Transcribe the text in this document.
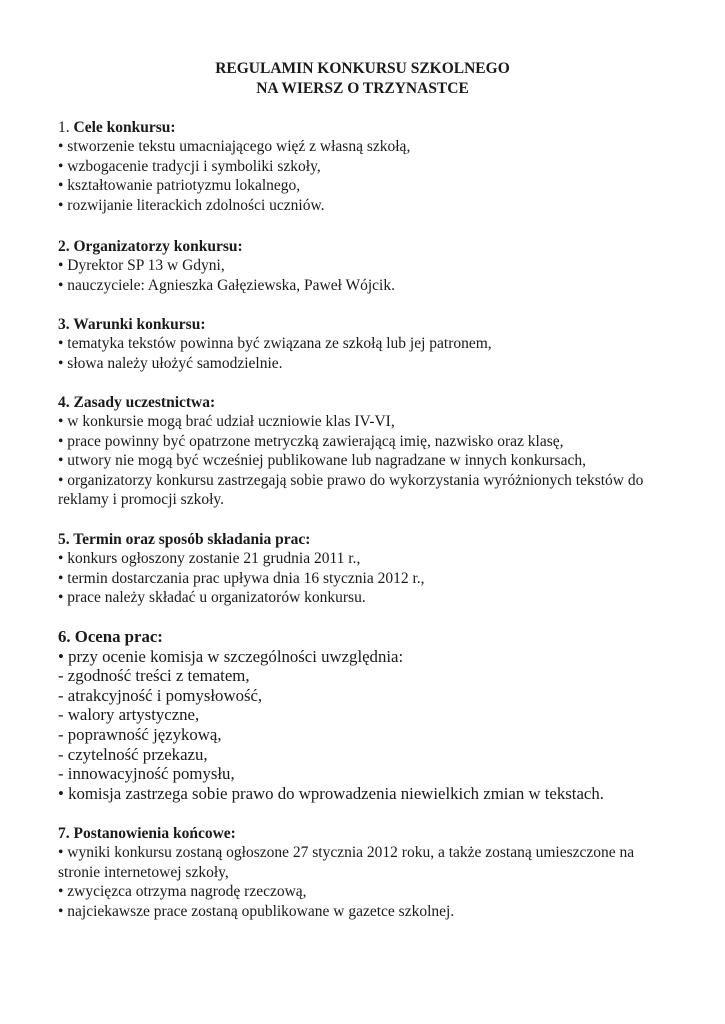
REGULAMIN KONKURSU SZKOLNEGO
NA WIERSZ O TRZYNASTCE
1. Cele konkursu:
• stworzenie tekstu umacniającego więź z własną szkołą,
• wzbogacenie tradycji i symboliki szkoły,
• kształtowanie patriotyzmu lokalnego,
• rozwijanie literackich zdolności uczniów.
2. Organizatorzy konkursu:
• Dyrektor SP 13 w Gdyni,
• nauczyciele: Agnieszka Gałęziewska, Paweł Wójcik.
3. Warunki konkursu:
• tematyka tekstów powinna być związana ze szkołą lub jej patronem,
• słowa należy ułożyć samodzielnie.
4. Zasady uczestnictwa:
• w konkursie mogą brać udział uczniowie klas IV-VI,
• prace powinny być opatrzone metryczką zawierającą imię, nazwisko oraz klasę,
• utwory nie mogą być wcześniej publikowane lub nagradzane w innych konkursach,
• organizatorzy konkursu zastrzegają sobie prawo do wykorzystania wyróżnionych tekstów do reklamy i promocji szkoły.
5. Termin oraz sposób składania prac:
• konkurs ogłoszony zostanie 21 grudnia 2011 r.,
• termin dostarczania prac upływa dnia 16 stycznia 2012 r.,
• prace należy składać u organizatorów konkursu.
6. Ocena prac:
• przy ocenie komisja w szczególności uwzględnia:
- zgodność treści z tematem,
- atrakcyjność i pomysłowość,
- walory artystyczne,
- poprawność językową,
- czytelność przekazu,
- innowacyjność pomysłu,
• komisja zastrzega sobie prawo do wprowadzenia niewielkich zmian w tekstach.
7. Postanowienia końcowe:
• wyniki konkursu zostaną ogłoszone 27 stycznia 2012 roku, a także zostaną umieszczone na stronie internetowej szkoły,
• zwycięzca otrzyma nagrodę rzeczową,
• najciekawsze prace zostaną opublikowane w gazetce szkolnej.
